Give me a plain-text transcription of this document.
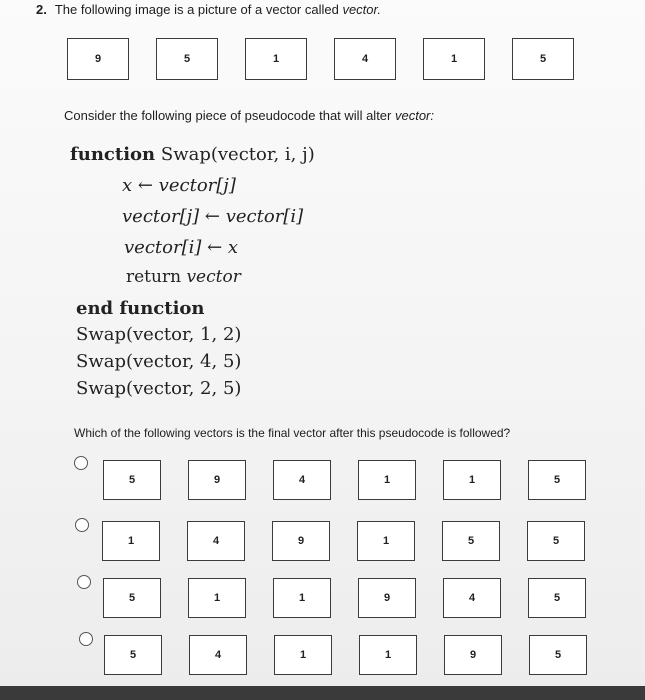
2. The following image is a picture of a vector called vector.
9	5	1	4	1	5
Consider the following piece of pseudocode that will alter vector:
function Swap(vector, i, j)
x ← vector[j]
vector[j] ← vector[i]
vector[i] ← x
return vector
end function
Swap(vector, 1, 2)
Swap(vector, 4, 5)
Swap(vector, 2, 5)
Which of the following vectors is the final vector after this pseudocode is followed?
5	9	4	1	1	5
1	4	9	1	5	5
5	1	1	9	4	5
5	4	1	1	9	5
